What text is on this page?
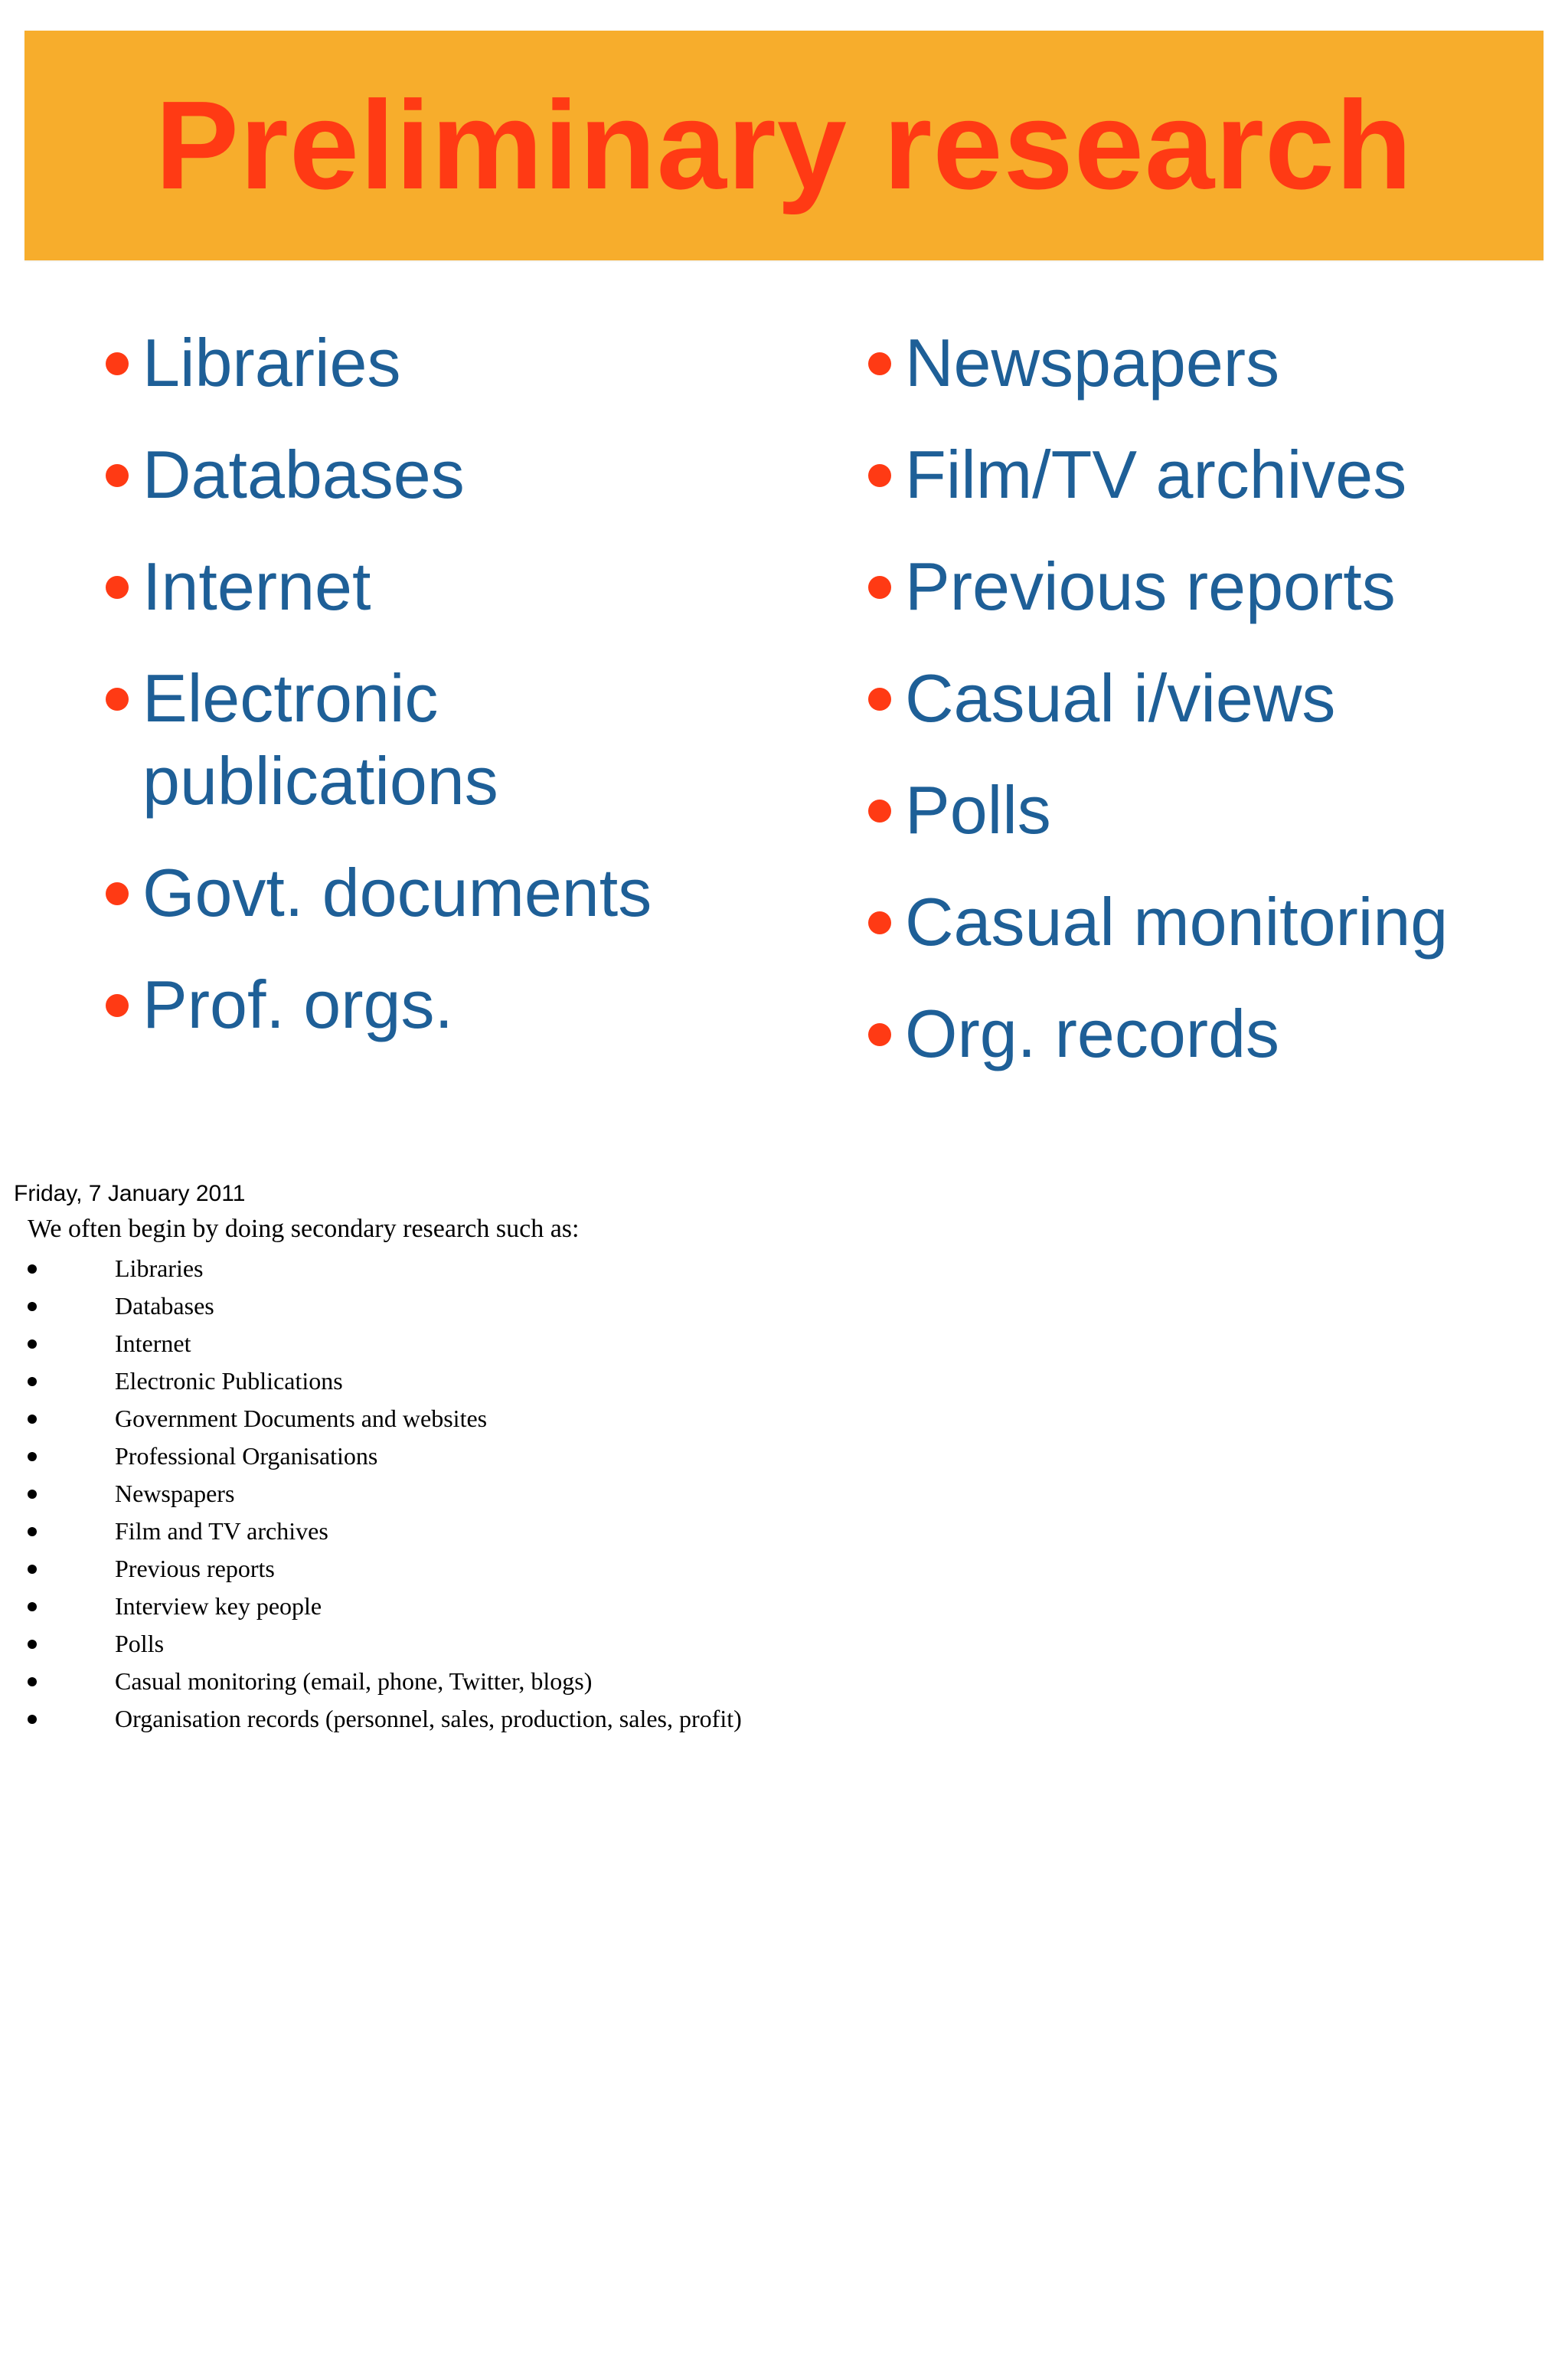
Preliminary research
Libraries
Databases
Internet
Electronic publications
Govt. documents
Prof. orgs.
Newspapers
Film/TV archives
Previous reports
Casual i/views
Polls
Casual monitoring
Org. records
Friday, 7 January 2011
We often begin by doing secondary research such as:
Libraries
Databases
Internet
Electronic Publications
Government Documents and websites
Professional Organisations
Newspapers
Film and TV archives
Previous reports
Interview key people
Polls
Casual monitoring (email, phone, Twitter, blogs)
Organisation records (personnel, sales, production, sales, profit)
